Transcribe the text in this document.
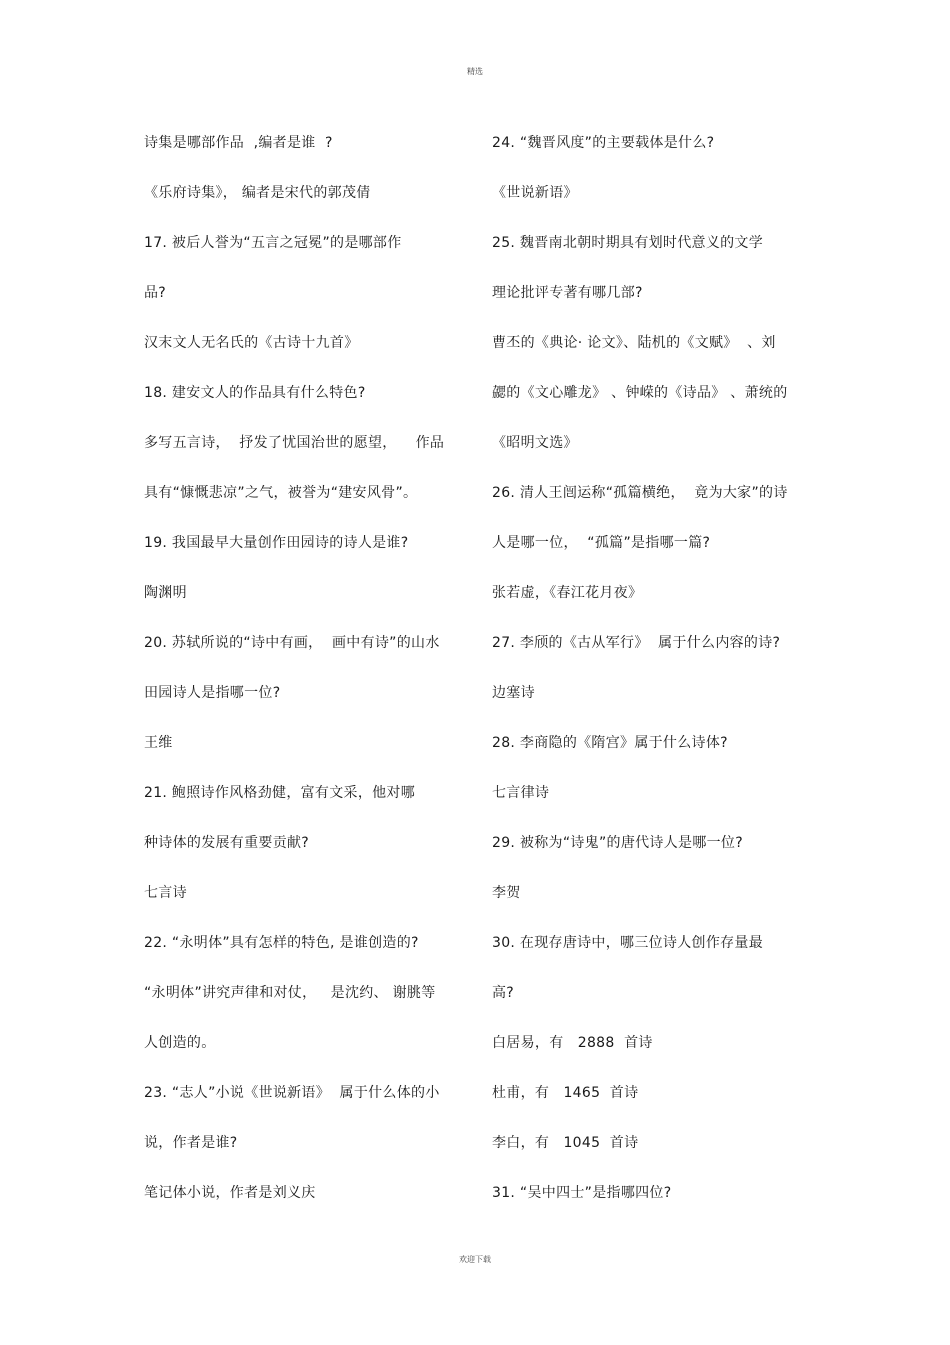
精选
诗集是哪部作品  ,编者是谁  ?
《乐府诗集》， 编者是宋代的郭茂倩
17. 被后人誉为“五言之冠冕”的是哪部作
品?
汉末文人无名氏的《古诗十九首》
18. 建安文人的作品具有什么特色?
多写五言诗，  抒发了忧国治世的愿望，    作品
具有“慷慨悲凉”之气，被誉为“建安风骨”。
19. 我国最早大量创作田园诗的诗人是谁?
陶渊明
20. 苏轼所说的“诗中有画，  画中有诗”的山水
田园诗人是指哪一位?
王维
21. 鲍照诗作风格劲健，富有文采，他对哪
种诗体的发展有重要贡献?
七言诗
22. “永明体”具有怎样的特色, 是谁创造的?
“永明体”讲究声律和对仗，   是沈约、 谢朓等
人创造的。
23. “志人”小说《世说新语》  属于什么体的小
说，作者是谁?
笔记体小说，作者是刘义庆
24. “魏晋风度”的主要载体是什么?
《世说新语》
25. 魏晋南北朝时期具有划时代意义的文学
理论批评专著有哪几部?
曹丕的《典论· 论文》、陆机的《文赋》  、刘
勰的《文心雕龙》 、钟嵘的《诗品》 、萧统的
《昭明文选》
26. 清人王闿运称“孤篇横绝，  竟为大家”的诗
人是哪一位，  “孤篇”是指哪一篇?
张若虚，《春江花月夜》
27. 李颀的《古从军行》  属于什么内容的诗?
边塞诗
28. 李商隐的《隋宫》属于什么诗体?
七言律诗
29. 被称为“诗鬼”的唐代诗人是哪一位?
李贺
30. 在现存唐诗中，哪三位诗人创作存量最
高?
白居易，有   2888  首诗
杜甫，有   1465  首诗
李白，有   1045  首诗
31. “吴中四士”是指哪四位?
欢迎下载
